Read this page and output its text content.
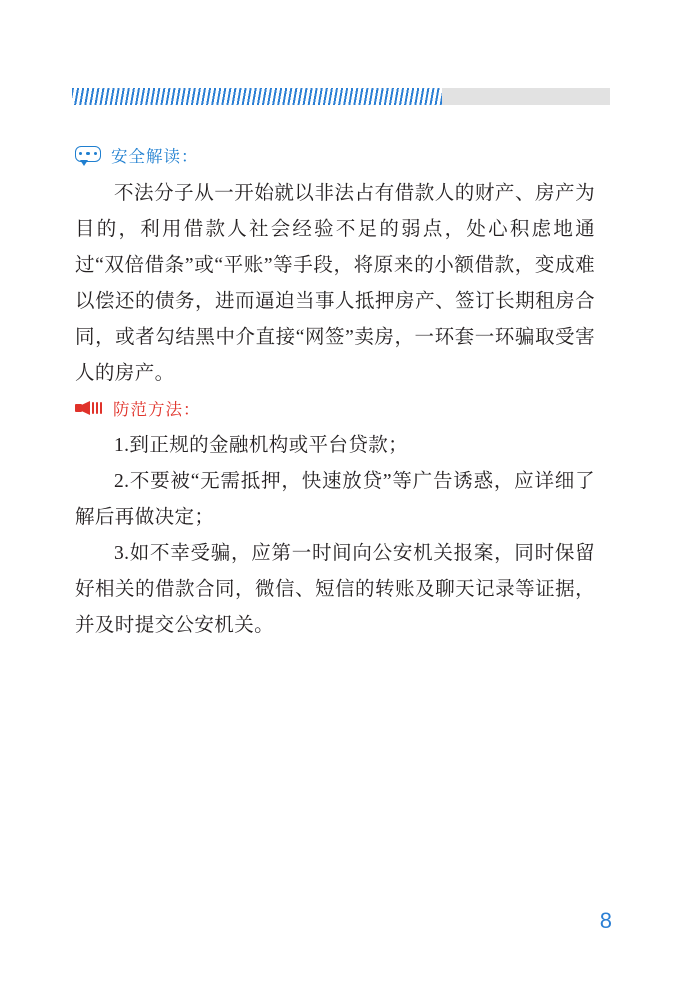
安全解读：
不法分子从一开始就以非法占有借款人的财产、房产为目的，利用借款人社会经验不足的弱点，处心积虑地通过“双倍借条”或“平账”等手段，将原来的小额借款，变成难以偿还的债务，进而逼迫当事人抵押房产、签订长期租房合同，或者勾结黑中介直接“网签”卖房，一环套一环骗取受害人的房产。
防范方法：
1.到正规的金融机构或平台贷款；
2.不要被“无需抵押，快速放贷”等广告诱惑，应详细了解后再做决定；
3.如不幸受骗，应第一时间向公安机关报案，同时保留好相关的借款合同，微信、短信的转账及聊天记录等证据，并及时提交公安机关。
8
